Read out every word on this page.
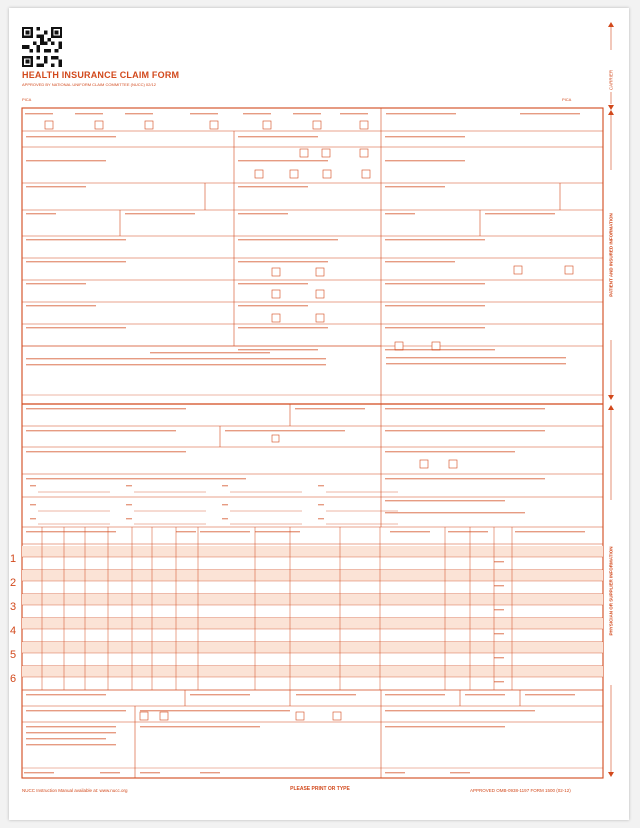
HEALTH INSURANCE CLAIM FORM
APPROVED BY NATIONAL UNIFORM CLAIM COMMITTEE (NUCC) 02/12
PICA	PICA
CARRIER
PATIENT AND INSURED INFORMATION
PHYSICIAN OR SUPPLIER INFORMATION
1
2
3
4
5
6
NUCC Instruction Manual available at: www.nucc.org	PLEASE PRINT OR TYPE	APPROVED OMB-0938-1197 FORM 1500 (02-12)
